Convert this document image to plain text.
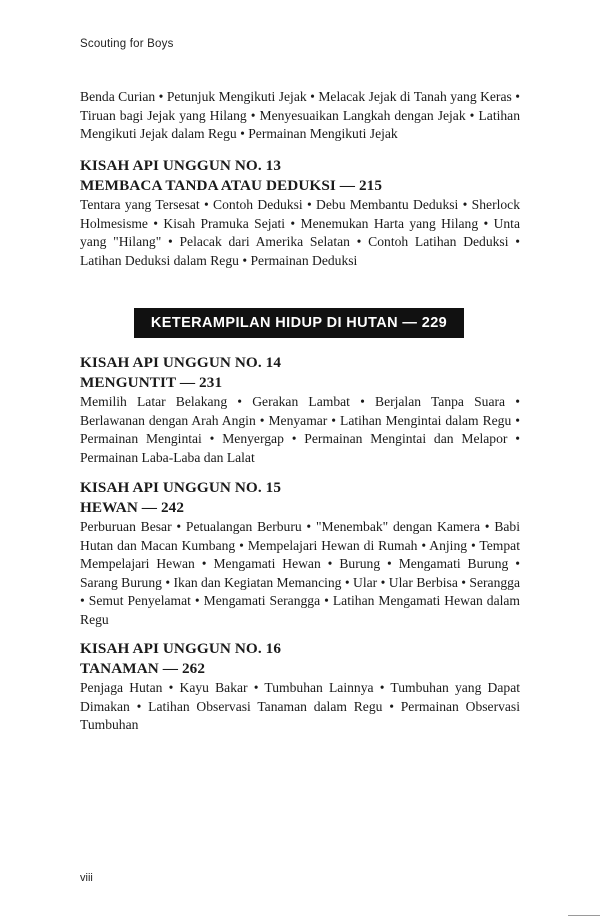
Scouting for Boys

Benda Curian • Petunjuk Mengikuti Jejak • Melacak Jejak di Tanah yang Keras • Tiruan bagi Jejak yang Hilang • Menyesuaikan Langkah dengan Jejak • Latihan Mengikuti Jejak dalam Regu • Permainan Mengikuti Jejak

KISAH API UNGGUN NO. 13

MEMBACA TANDA ATAU DEDUKSI — 215

Tentara yang Tersesat • Contoh Deduksi • Debu Membantu Deduksi • Sherlock Holmesisme • Kisah Pramuka Sejati • Menemukan Harta yang Hilang • Unta yang "Hilang" • Pelacak dari Amerika Selatan • Contoh Latihan Deduksi • Latihan Deduksi dalam Regu • Permainan Deduksi

KETERAMPILAN HIDUP DI HUTAN — 229

KISAH API UNGGUN NO. 14

MENGUNTIT — 231

Memilih Latar Belakang • Gerakan Lambat • Berjalan Tanpa Suara • Berlawanan dengan Arah Angin • Menyamar • Latihan Mengintai dalam Regu • Permainan Mengintai • Menyergap • Permainan Mengintai dan Melapor • Permainan Laba-Laba dan Lalat

KISAH API UNGGUN NO. 15

HEWAN — 242

Perburuan Besar • Petualangan Berburu • "Menembak" dengan Kamera • Babi Hutan dan Macan Kumbang • Mempelajari Hewan di Rumah • Anjing • Tempat Mempelajari Hewan • Mengamati Hewan • Burung • Mengamati Burung • Sarang Burung • Ikan dan Kegiatan Memancing • Ular • Ular Berbisa • Serangga • Semut Penyelamat • Mengamati Serangga • Latihan Mengamati Hewan dalam Regu

KISAH API UNGGUN NO. 16

TANAMAN — 262

Penjaga Hutan • Kayu Bakar • Tumbuhan Lainnya • Tumbuhan yang Dapat Dimakan • Latihan Observasi Tanaman dalam Regu • Permainan Observasi Tumbuhan

viii
